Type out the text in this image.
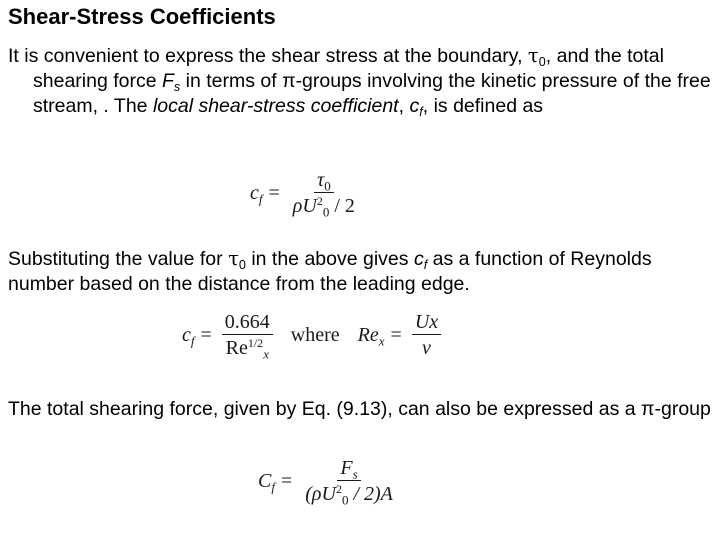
Shear-Stress Coefficients
It is convenient to express the shear stress at the boundary, $\tau_0$, and the total shearing force $F_s$ in terms of π-groups involving the kinetic pressure of the free stream, . The local shear-stress coefficient, $c_f$, is defined as
$c_f = \frac{\tau_0}{\rho U^2_0 / 2}$
Substituting the value for $\tau_0$ in the above gives $c_f$ as a function of Reynolds number based on the distance from the leading edge.
$c_f = \frac{0.664}{Re^{1/2}_x}$ where $Re_x = \frac{Ux}{\nu}$
The total shearing force, given by Eq. (9.13), can also be expressed as a π-group
$C_f = \frac{F_s}{(\rho U^2_0 / 2)A}$
